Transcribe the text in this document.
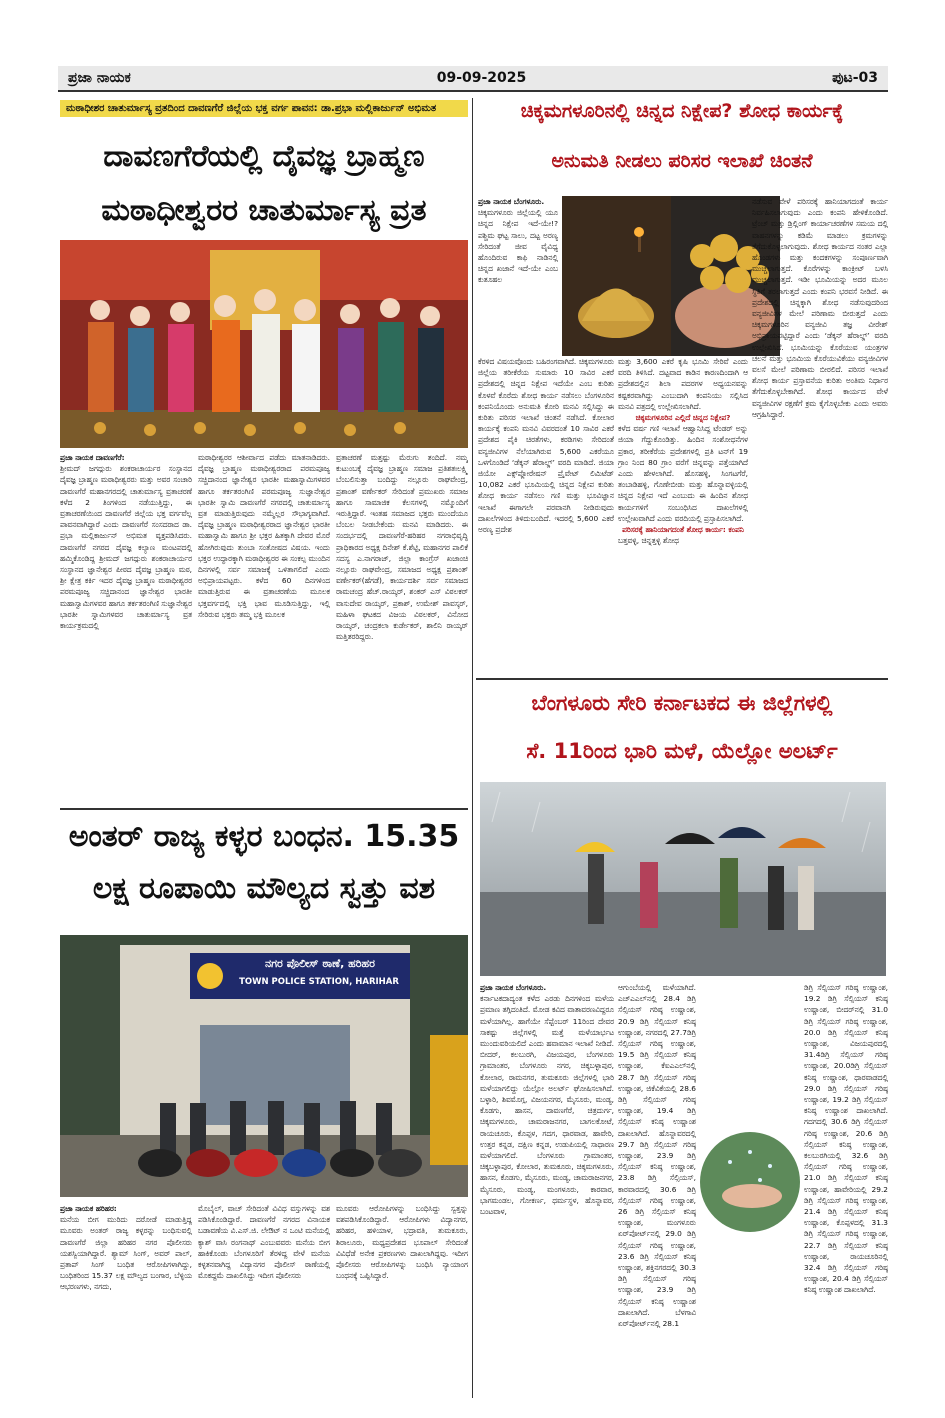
ಪ್ರಜಾ ನಾಯಕ	09-09-2025	ಪುಟ-03
ಮಠಾಧೀಶರ ಚಾತುರ್ಮಾಸ್ಯ ವ್ರತದಿಂದ ದಾವಣಗೆರೆ ಜಿಲ್ಲೆಯ ಭಕ್ತ ವರ್ಗ ಪಾವನ: ಡಾ.ಪ್ರಭಾ ಮಲ್ಲಿಕಾರ್ಜುನ್ ಅಭಿಮತ
ದಾವಣಗೆರೆಯಲ್ಲಿ ದೈವಜ್ಞ ಬ್ರಾಹ್ಮಣ
ಮಠಾಧೀಶ್ವರರ ಚಾತುರ್ಮಾಸ್ಯ ವ್ರತ
ಪ್ರಜಾ ನಾಯಕ ದಾವಣಗೆರೆ:
ಶ್ರೀಮದ್ ಜಗದ್ಗುರು ಶಂಕರಾಚಾರ್ಯರ ಸಂಸ್ಥಾನದ ದೈವಜ್ಞ ಬ್ರಾಹ್ಮಣ ಮಠಾಧೀಶ್ವರರು ಮತ್ತು ಅವರ ಸಂಚಾರಿ ದಾವಣಗೆರೆ ಮಹಾನಗರದಲ್ಲಿ ಚಾತುರ್ಮಾಸ್ಯ ವ್ರತಾಚರಣೆ ಕಳೆದ 2 ತಿಂಗಳಿಂದ ನಡೆಯುತ್ತಿದ್ದು, ಈ ವ್ರತಾಚರಣೆಯಿಂದ ದಾವಣಗೆರೆ ಜಿಲ್ಲೆಯ ಭಕ್ತ ವರ್ಗವೆಲ್ಲ ಪಾವನವಾಗಿದ್ದಾರೆ ಎಂದು ದಾವಣಗೆರೆ ಸಂಸದರಾದ ಡಾ. ಪ್ರಭಾ ಮಲ್ಲಿಕಾರ್ಜುನ್ ಅಭಿಮತ ವ್ಯಕ್ತಪಡಿಸಿದರು. ದಾವಣಗೆರೆ ನಗರದ ದೈವಜ್ಞ ಕಲ್ಯಾಣ ಮಂಟಪದಲ್ಲಿ ಹಮ್ಮಿಕೊಂಡಿದ್ದ ಶ್ರೀಮದ್ ಜಗದ್ಗುರು ಶಂಕರಾಚಾರ್ಯರ ಸಂಸ್ಥಾನದ ಜ್ಞಾನೇಶ್ವರ ಪೀಠದ ದೈವಜ್ಞ ಬ್ರಾಹ್ಮಣ ಮಠ, ಶ್ರೀ ಕ್ಷೇತ್ರ ಕರ್ಕಿ ಇದರ ದೈವಜ್ಞ ಬ್ರಾಹ್ಮಣ ಮಠಾಧೀಶ್ವರರ ಪರಮಪೂಜ್ಯ ಸಚ್ಚಿದಾನಂದ ಜ್ಞಾನೇಶ್ವರ ಭಾರತೀ ಮಹಾಸ್ವಾಮಿಗಳವರ ಹಾಗೂ ತರ್ಕತರಂಗಿಣಿ ಸುಜ್ಞಾನೇಶ್ವರ ಭಾರತೀ ಸ್ವಾಮಿಗಳವರ ಚಾತುರ್ಮಾಸ್ಯ ವ್ರತ ಕಾರ್ಯಕ್ರಮದಲ್ಲಿ
ಮಠಾಧೀಶ್ವರರ ಆಶೀರ್ವಾದ ಪಡೆದು ಮಾತನಾಡಿದರು. ದೈವಜ್ಞ ಬ್ರಾಹ್ಮಣ ಮಠಾಧೀಶ್ವರರಾದ ಪರಮಪೂಜ್ಯ ಸಚ್ಚಿದಾನಂದ ಜ್ಞಾನೇಶ್ವರ ಭಾರತೀ ಮಹಾಸ್ವಾಮಿಗಳವರ ಹಾಗೂ ತರ್ಕತರಂಗಿಣಿ ಪರಮಪೂಜ್ಯ ಸುಜ್ಞಾನೇಶ್ವರ ಭಾರತೀ ಸ್ವಾಮಿ ದಾವಣಗೆರೆ ನಗರದಲ್ಲಿ ಚಾತುರ್ಮಾಸ್ಯ ವ್ರತ ಮಾಡುತ್ತಿರುವುದು ನಮ್ಮೆಲ್ಲರ ಸೌಭಾಗ್ಯವಾಗಿದೆ. ದೈವಜ್ಞ ಬ್ರಾಹ್ಮಣ ಮಠಾಧೀಶ್ವರರಾದ ಜ್ಞಾನೇಶ್ವರ ಭಾರತೀ ಮಹಾಸ್ವಾಮಿ ಹಾಗೂ ಶ್ರೀ ಭಕ್ತರ ಹಿತಕ್ಕಾಗಿ ದೇವರ ಮೊರೆ ಹೋಗಿರುವುದು ತುಂಬಾ ಸಂತೋಷದ ವಿಷಯ. ಇಂದು ಭಕ್ತರ ಉದ್ಧಾರಕ್ಕಾಗಿ ಮಠಾಧೀಶ್ವರರ ಈ ಸಂಕಲ್ಪ ಮುಂದಿನ ದಿನಗಳಲ್ಲಿ ಸರ್ವ ಸಮಾಜಕ್ಕೆ ಒಳಿತಾಗಲಿದೆ ಎಂದು ಅಭಿಪ್ರಾಯಪಟ್ಟರು. ಕಳೆದ 60 ದಿನಗಳಿಂದ ಮಾಡುತ್ತಿರುವ ಈ ವ್ರತಾಚರಣೆಯ ಮೂಲಕ ಭಕ್ತವರ್ಗದಲ್ಲಿ ಭಕ್ತಿ ಭಾವ ಮೂಡಿಸುತ್ತಿದ್ದು, ಇಲ್ಲಿ ಸೇರಿರುವ ಭಕ್ತರು ತಮ್ಮ ಭಕ್ತಿ ಮೂಲಕ
ವ್ರತಾಚರಣೆ ಮತ್ತಷ್ಟು ಮೆರುಗು ತಂದಿದೆ. ನಮ್ಮ ಕುಟುಂಬಕ್ಕೆ ದೈವಜ್ಞ ಬ್ರಾಹ್ಮಣ ಸಮಾಜ ಪ್ರತಿಶತಃಲಕ್ಷ್ಮಿ ಬೆಂಬಲಿಸುತ್ತಾ ಬಂದಿದ್ದು ನಲ್ಲೂರು ರಾಘವೇಂದ್ರ, ಪ್ರಶಾಂತ್ ವರ್ಣೇಕರ್ ಸೇರಿದಂತೆ ಪ್ರಮುಖರು ಸಮಾಜ ಹಾಗೂ ಸಾಮಾಜಿಕ ಕೆಲಸಗಳಲ್ಲಿ ನಮ್ಮೊಂದಿಗೆ ಇರುತ್ತಿದ್ದಾರೆ. ಇಂತಹ ಸಮಾಜದ ಭಕ್ತರು ಮುಂದೆಯೂ ಬೆಂಬಲ ನೀಡಬೇಕೆಂದು ಮನವಿ ಮಾಡಿದರು. ಈ ಸಂದರ್ಭದಲ್ಲಿ ದಾವಣಗೆರೆ-ಹರಿಹರ ನಗರಾಭಿವೃದ್ಧಿ ಪ್ರಾಧಿಕಾರದ ಅಧ್ಯಕ್ಷ ದಿನೇಶ್ ಕೆ.ಶೆಟ್ಟಿ, ಮಹಾನಗರ ಪಾಲಿಕೆ ಸದಸ್ಯ ಎ.ನಾಗರಾಜ್, ಜಿಲ್ಲಾ ಕಾಂಗ್ರೆಸ್ ಖಜಾಂಚಿ ನಲ್ಲೂರು ರಾಘವೇಂದ್ರ, ಸಮಾಜದ ಅಧ್ಯಕ್ಷ ಪ್ರಶಾಂತ್ ವರ್ಣೇಕರ್(ಹೆಗಡೆ), ಕಾರ್ಯದರ್ಶಿ ಸರ್ವ ಸಮಾಜದ ರಾಮಚಂದ್ರ ಹೆಚ್.ರಾಯ್ಕರ್, ಶಂಕರ್ ಎಸ್ ವಿಠಲಕರ್ ವಾಸುದೇವ ರಾಯ್ಕರ್, ಪ್ರಕಾಶ್, ಉಮೇಶ್ ಪಾವಸ್ಕರ್, ಮಹಿಳಾ ಘಟಕದ ವಿಜಯ ವಿಠಲಕರ್, ವಿನೋದ ರಾಯ್ಕರ್, ಚಂದ್ರಕಲಾ ಕುರ್ಡೇಕರ್, ಶಾಲಿನಿ ರಾಯ್ಕರ್ ಮತ್ತಿತರರಿದ್ದರು.
ಅಂತರ್ ರಾಜ್ಯ ಕಳ್ಳರ ಬಂಧನ. 15.35
ಲಕ್ಷ ರೂಪಾಯಿ ಮೌಲ್ಯದ ಸ್ವತ್ತು ವಶ
ನಗರ ಪೊಲೀಸ್ ಠಾಣೆ, ಹರಿಹರ
TOWN POLICE STATION, HARIHAR
ಪ್ರಜಾ ನಾಯಕ ಹರಿಹರ:
ಮನೆಯ ಬೀಗ ಮುರಿದು ದರೋಡೆ ಮಾಡುತ್ತಿದ್ದ ಮೂವರು ಅಂತರ್ ರಾಜ್ಯ ಕಳ್ಳರನ್ನು ಬಂಧಿಸುವಲ್ಲಿ ದಾವಣಗೆರೆ ಜಿಲ್ಲಾ ಹರಿಹರ ನಗರ ಪೊಲೀಸರು ಯಶಸ್ವಿಯಾಗಿದ್ದಾರೆ. ಶ್ಯಾಮ್ ಸಿಂಗ್, ಅವರ್ ಪಾಲ್, ಪ್ರತಾಪ್ ಸಿಂಗ್ ಬಂಧಿತ ಆರೋಪಿಗಳಾಗಿದ್ದು, ಬಂಧಿತರಿಂದ 15.37 ಲಕ್ಷ ಮೌಲ್ಯದ ಬಂಗಾರ, ಬೆಳ್ಳಿಯ ಆಭರಣಗಳು, ನಗದು,
ಮೊಬೈಲ್, ವಾಚ್ ಸೇರಿದಂತೆ ವಿವಿಧ ವಸ್ತುಗಳನ್ನು ವಶ ಪಡಿಸಿಕೊಂಡಿದ್ದಾರೆ. ದಾವಣಗೆರೆ ನಗರದ ವಿನಾಯಕ ಬಡಾವಣೆಯ ವಿ.ಎಸ್.ಜಿ. ಲೇಔಟ್ ನ ಒಂಟಿ ಮನೆಯಲ್ಲಿ ಕ್ಯಾಶ್ ವಾಸಿ ರಂಗನಾಥ್ ಎಂಬುವವರು ಮನೆಯ ಬೀಗ ಹಾಕಿಕೊಂಡು ಬೆಂಗಳೂರಿಗೆ ತೆರಳಿದ್ದ ವೇಳೆ ಮನೆಯ ಕಳ್ಳತನವಾಗಿದ್ದ ವಿದ್ಯಾನಗರ ಪೊಲೀಸ್ ಠಾಣೆಯಲ್ಲಿ ಮೊಕದ್ದಮೆ ದಾಖಲಿಸಿದ್ದು ಇದೀಗ ಪೊಲೀಸರು
ಮೂವರು ಆರೋಪಿಗಳನ್ನು ಬಂಧಿಸಿದ್ದು ಸ್ವತ್ತನ್ನು ವಶಪಡಿಸಿಕೊಂಡಿದ್ದಾರೆ. ಆರೋಪಿಗಳು ವಿದ್ಯಾನಗರ, ಹರಿಹರ, ಹಳಿಯಾಳ, ಭದ್ರಾವತಿ, ತುಮಕೂರು, ಶಿರಾಲೂರು, ಮಧ್ಯಪ್ರದೇಶದ ಭೂಪಾಲ್ ಸೇರಿದಂತೆ ವಿವಿಧೆಡೆ ಅನೇಕ ಪ್ರಕರಣಗಳು ದಾಖಲಾಗಿದ್ದವು. ಇದೀಗ ಪೊಲೀಸರು ಆರೋಪಿಗಳನ್ನು ಬಂಧಿಸಿ ನ್ಯಾಯಾಂಗ ಬಂಧನಕ್ಕೆ ಒಪ್ಪಿಸಿದ್ದಾರೆ.
ಚಿಕ್ಕಮಗಳೂರಿನಲ್ಲಿ ಚಿನ್ನದ ನಿಕ್ಷೇಪ? ಶೋಧ ಕಾರ್ಯಕ್ಕೆ
ಅನುಮತಿ ನೀಡಲು ಪರಿಸರ ಇಲಾಖೆ ಚಿಂತನೆ
ಪ್ರಜಾ ನಾಯಕ ಬೆಂಗಳೂರು.
ಚಿಕ್ಕಮಗಳೂರು ಜಿಲ್ಲೆಯಲ್ಲಿ ಯೂ ಚಿನ್ನದ ನಿಕ್ಷೇಪ ಇದೆ-ಯೇ!? ಪಶ್ಚಿಮ ಘಟ್ಟ ಸಾಲು, ದಟ್ಟ ಅರಣ್ಯ ಸೇರಿದಂತೆ ಜೀವ ವೈವಿಧ್ಯ ಹೊಂದಿರುವ ಕಾಫಿ ನಾಡಿನಲ್ಲಿ ಚಿನ್ನದ ಖಜಾನೆ ಇದೆ-ಯೇ ಎಂಬ ಕುತೂಹಲ
ಕೆರಳಿದ ವಿಷಯವೊಂದು ಬಹಿರಂಗವಾಗಿದೆ. ಚಿಕ್ಕಮಗಳೂರು ಜಿಲ್ಲೆಯ ತರೀಕೆರೆಯ ಸುಮಾರು 10 ಸಾವಿರ ಎಕರೆ ಪ್ರದೇಶದಲ್ಲಿ ಚಿನ್ನದ ನಿಕ್ಷೇಪ ಇದೆಯೇ ಎಂಬ ಕುರಿತು ಕೊಳವೆ ಕೊರೆದು ಶೋಧ ಕಾರ್ಯ ನಡೆಸಲು ಬೆಂಗಳೂರಿನ ಕಂಪನಿಯೊಂದು ಅನುಮತಿ ಕೋರಿ ಮನವಿ ಸಲ್ಲಿಸಿದ್ದು ಈ ಕುರಿತು ಪರಿಸರ ಇಲಾಖೆ ಚಿಂತನೆ ನಡೆಸಿದೆ. ಕೋಲಾರ ಕಾರ್ಯಕ್ಕೆ ಕಂಪನಿ ಮನವಿ ವಿವರದಂತೆ 10 ಸಾವಿರ ಎಕರೆ ಪ್ರದೇಶದ ಪೈಕಿ ಚಿರತೆಗಳು, ಕರಡಿಗಳು ಸೇರಿದಂತೆ ವನ್ಯಜೀವಿಗಳ ನೆಲೆಯಾಗಿರುವ 5,600 ಎಕರೆಯೂ ಒಳಗೊಂಡಿದೆ ‘ಡೆಕ್ಕನ್ ಹೆರಾಲ್ಡ್’ ವರದಿ ಮಾಡಿದೆ. ಜಿಯಾ ಜಿಯೋ ಎಕ್ಸ್‌ಪ್ಲೋರೇಷನ್ ಪ್ರೈವೇಟ್ ಲಿಮಿಟೆಡ್ 10,082 ಎಕರೆ ಭೂಮಿಯಲ್ಲಿ ಚಿನ್ನದ ನಿಕ್ಷೇಪ ಕುರಿತು ಶೋಧ ಕಾರ್ಯ ನಡೆಸಲು ಗಣಿ ಮತ್ತು ಭೂವಿಜ್ಞಾನ ಇಲಾಖೆ ಈಗಾಗಲೇ ಪರವಾನಗಿ ನೀಡಿರುವುದು ದಾಖಲೆಗಳಿಂದ ತಿಳಿದುಬಂದಿದೆ. ಇದರಲ್ಲಿ 5,600 ಎಕರೆ ಅರಣ್ಯ ಪ್ರದೇಶ
ಮತ್ತು 3,600 ಎಕರೆ ಕೃಷಿ ಭೂಮಿ ಸೇರಿವೆ ಎಂದು ವರದಿ ತಿಳಿಸಿದೆ. ದಟ್ಟವಾದ ಕಾಡಿನ ಕಾರಣದಿಂದಾಗಿ ಆ ಪ್ರದೇಶದಲ್ಲಿನ ಶಿಲಾ ಪದರಗಳ ಅಧ್ಯಯನವನ್ನು ಕಷ್ಟಕರವಾಗಿದ್ದು ಎಂಬುದಾಗಿ ಕಂಪನಿಯು ಸಲ್ಲಿಸಿದ ಮನವಿ ಪತ್ರದಲ್ಲಿ ಉಲ್ಲೇಖಿಸಲಾಗಿದೆ.
ಚಿಕ್ಕಮಗಳೂರಿನ ಎಲ್ಲಿದೆ ಚಿನ್ನದ ನಿಕ್ಷೇಪ?
ಕಳೆದ ವರ್ಷ ಗಣಿ ಇಲಾಖೆ ಆಹ್ವಾನಿಸಿದ್ದ ಟೆಂಡರ್ ಅನ್ನು ಜಿಯಾ ಗೆದ್ದುಕೊಂಡಿತ್ತು. ಹಿಂದಿನ ಸಂಶೋಧನೆಗಳ ಪ್ರಕಾರ, ತರೀಕೆರೆಯ ಪ್ರದೇಶಗಳಲ್ಲಿ ಪ್ರತಿ ಟನ್‌ಗೆ 19 ಗ್ರಾಂ ನಿಂದ 80 ಗ್ರಾಂ ವರೆಗೆ ಚಿನ್ನವನ್ನು ಪತ್ತೆಯಾಗಿದೆ ಎಂದು ಹೇಳಲಾಗಿದೆ. ಹೊಸಹಳ್ಳಿ, ಸಿಂಗಟಗೆರೆ, ತಂಬಾಡಿಹಳ್ಳಿ, ಗೊಣೇಬೀಡು ಮತ್ತು ಹೊನ್ನಾವಳ್ಳಿಯಲ್ಲಿ ಚಿನ್ನದ ನಿಕ್ಷೇಪ ಇದೆ ಎಂಬುದು ಈ ಹಿಂದಿನ ಶೋಧ ಕಾರ್ಯಗಳಿಗೆ ಸಂಬಂಧಿಸಿದ ದಾಖಲೆಗಳಲ್ಲಿ ಉಲ್ಲೇಖವಾಗಿದೆ ಎಂದು ವರದಿಯಲ್ಲಿ ಪ್ರಸ್ತಾಪಿಸಲಾಗಿದೆ.
ಪರಿಸರಕ್ಕೆ ಹಾನಿಯಾಗದಂತೆ ಶೋಧ ಕಾರ್ಯ: ಕಂಪನಿ
ಬತ್ತವಳ್ಳಿ, ಚಿನ್ನತ್ತಳ್ಳಿ ಶೋಧ
ನಡೆಸುವ ವೇಳೆ ಪರಿಸರಕ್ಕೆ ಹಾನಿಯಾಗದಂತೆ ಕಾರ್ಯ ನಿರ್ವಹಿಸಲಾಗುವುದು ಎಂದು ಕಂಪನಿ ಹೇಳಿಕೊಂಡಿದೆ. ಟ್ರೆಂಚ್ ಮತ್ತು ಡ್ರಿಲ್ಲಿಂಗ್ ಕಾರ್ಯಾಚರಣೆಗಳ ಸಮಯ ದಲ್ಲಿ ವಾಹನಗಳನ್ನು ಕಡಿಮೆ ಮಾಡಲು ಕ್ರಮಗಳನ್ನು ತೆಗೆದುಕೊಳ್ಳಲಾಗುವುದು. ಶೋಧ ಕಾರ್ಯದ ನಂತರ ಎಲ್ಲಾ ಹೊಂಡಗಳು ಮತ್ತು ಕಂದಕಗಳನ್ನು ಸಂಪೂರ್ಣವಾಗಿ ಮುಚ್ಚಲಾಗುತ್ತದೆ. ಕೊರೆಗಳನ್ನು ಕಾಂಕ್ರೀಟ್ ಬಳಸಿ ಮುಚ್ಚಲಾಗುತ್ತದೆ. ಇಡೀ ಭೂಮಿಯನ್ನು ಅದರ ಮೂಲ ಸ್ಥಿತಿಗೆ ತರಲಾಗುತ್ತದೆ ಎಂದು ಕಂಪನಿ ಭರವಸೆ ನೀಡಿದೆ. ಈ ಪ್ರದೇಶದಲ್ಲಿ ಚಿನ್ನಕ್ಕಾಗಿ ಶೋಧ ನಡೆಸುವುದರಿಂದ ವನ್ಯಜೀವಿಗಳ ಮೇಲೆ ಪರಿಣಾಮ ಬೀರುತ್ತದೆ ಎಂದು ಚಿಕ್ಕಮಗಳೂರಿನ ವನ್ಯಜೀವಿ ತಜ್ಞ ವೀರೇಶ್ ಅಭಿಪ್ರಾಯಪಟ್ಟಿದ್ದಾರೆ ಎಂದು ‘ಡೆಕ್ಕನ್ ಹೆರಾಲ್ಡ್’ ವರದಿ ಉಲ್ಲೇಖಿಸಿದೆ. ಭೂಮಿಯನ್ನು ಕೊರೆಯುವ ಯಂತ್ರಗಳ ಚಲನೆ ಮತ್ತು ಭೂಮಿಯ ಕೊರೆಯುವಿಕೆಯು ವನ್ಯಜೀವಿಗಳ ವಲಸೆ ಮೇಲೆ ಪರಿಣಾಮ ಬೀರಲಿದೆ. ಪರಿಸರ ಇಲಾಖೆ ಶೋಧ ಕಾರ್ಯ ಪ್ರಸ್ತಾವನೆಯ ಕುರಿತು ಅಂತಿಮ ನಿರ್ಧಾರ ತೆಗೆದುಕೊಳ್ಳಬೇಕಾಗಿದೆ. ಶೋಧ ಕಾರ್ಯದ ವೇಳೆ ವನ್ಯಜೀವಿಗಳ ರಕ್ಷಣೆಗೆ ಕ್ರಮ ಕೈಗೊಳ್ಳಬೇಕು ಎಂದು ಅವರು ಆಗ್ರಹಿಸಿದ್ದಾರೆ.
ಬೆಂಗಳೂರು ಸೇರಿ ಕರ್ನಾಟಕದ ಈ ಜಿಲ್ಲೆಗಳಲ್ಲಿ
ಸೆ. 11ರಿಂದ ಭಾರಿ ಮಳೆ, ಯೆಲ್ಲೋ ಅಲರ್ಟ್
ಪ್ರಜಾ ನಾಯಕ ಬೆಂಗಳೂರು.
ಕರ್ನಾಟಕದಾದ್ಯಂತ ಕಳೆದ ಎರಡು ದಿನಗಳಿಂದ ಮಳೆಯ ಪ್ರಮಾಣ ತಗ್ಗಿದಂತಿದೆ. ಮೋಡ ಕವಿದ ವಾತಾವರಣವಿದ್ದರೂ ಮಳೆಯಾಗಿಲ್ಲ. ಹಾಗೆಯೇ ಸೆಪ್ಟೆಂಬರ್ 11ರಿಂದ ದೇವರ ಸಾಕಷ್ಟು ಜಿಲ್ಲೆಗಳಲ್ಲಿ ಮತ್ತೆ ಮಳೆಯಾರ್ಭಟ ಮುಂದುವರಿಯಲಿದೆ ಎಂದು ಹವಾಮಾನ ಇಲಾಖೆ ನೀಡಿದೆ. ಬೀದರ್, ಕಲಬುರಗಿ, ವಿಜಯಪುರ, ಬೆಂಗಳೂರು ಗ್ರಾಮಾಂತರ, ಬೆಂಗಳೂರು ನಗರ, ಚಿಕ್ಕಬಳ್ಳಾಪುರ, ಕೋಲಾರ, ರಾಮನಗರ, ತುಮಕೂರು ಜಿಲ್ಲೆಗಳಲ್ಲಿ ಭಾರಿ ಮಳೆಯಾಗಲಿದ್ದು ಯೆಲ್ಲೋ ಅಲರ್ಟ್ ಘೋಷಿಸಲಾಗಿದೆ. ಬಳ್ಳಾರಿ, ಶಿವಮೊಗ್ಗ, ವಿಜಯನಗರ, ಮೈಸೂರು, ಮಂಡ್ಯ, ಕೊಡಗು, ಹಾಸನ, ದಾವಣಗೆರೆ, ಚಿತ್ರದುರ್ಗ, ಚಿಕ್ಕಮಗಳೂರು, ಚಾಮರಾಜನಗರ, ಬಾಗಲಕೋಟೆ, ರಾಯಚೂರು, ಕೊಪ್ಪಳ, ಗದಗ, ಧಾರವಾಡ, ಹಾವೇರಿ, ಉತ್ತರ ಕನ್ನಡ, ದಕ್ಷಿಣ ಕನ್ನಡ, ಉಡುಪಿಯಲ್ಲಿ ಸಾಧಾರಣ ಮಳೆಯಾಗಲಿದೆ. ಬೆಂಗಳೂರು ಗ್ರಾಮಾಂತರ, ಚಿಕ್ಕಬಳ್ಳಾಪುರ, ಕೋಲಾರ, ತುಮಕೂರು, ಚಿಕ್ಕಮಗಳೂರು, ಹಾಸನ, ಕೊಡಗು, ಮೈಸೂರು, ಮಂಡ್ಯ, ಚಾಮರಾಜನಗರ, ಮೈಸೂರು, ಮಂಡ್ಯ, ಮಂಗಳೂರು, ಕಾರವಾರ, ಭಾಗಮಂಡಲ, ಗೋಕರ್ಣ, ಧರ್ಮಸ್ಥಳ, ಹೊನ್ನಾವರ, ಬಂಟವಾಳ,
ಆಗುಂಬೆಯಲ್ಲಿ ಮಳೆಯಾಗಿದೆ. ಎಚ್‌ಎಎಲ್‌ನಲ್ಲಿ 28.4 ಡಿಗ್ರಿ ಸೆಲ್ಸಿಯಸ್ ಗರಿಷ್ಠ ಉಷ್ಣಾಂಶ, 20.9 ಡಿಗ್ರಿ ಸೆಲ್ಸಿಯಸ್ ಕನಿಷ್ಠ ಉಷ್ಣಾಂಶ, ನಗರದಲ್ಲಿ 27.7ಡಿಗ್ರಿ ಸೆಲ್ಸಿಯಸ್ ಗರಿಷ್ಠ ಉಷ್ಣಾಂಶ, 19.5 ಡಿಗ್ರಿ ಸೆಲ್ಸಿಯಸ್ ಕನಿಷ್ಠ ಉಷ್ಣಾಂಶ, ಕೆಐಎಎಲ್‌ನಲ್ಲಿ 28.7 ಡಿಗ್ರಿ ಸೆಲ್ಸಿಯಸ್ ಗರಿಷ್ಠ ಉಷ್ಣಾಂಶ, ಜಿಕೆವಿಕೆಯಲ್ಲಿ 28.6 ಡಿಗ್ರಿ ಸೆಲ್ಸಿಯಸ್ ಗರಿಷ್ಠ ಉಷ್ಣಾಂಶ, 19.4 ಡಿಗ್ರಿ ಸೆಲ್ಸಿಯಸ್ ಕನಿಷ್ಠ ಉಷ್ಣಾಂಶ ದಾಖಲಾಗಿದೆ. ಹೊನ್ನಾವರದಲ್ಲಿ 29.7 ಡಿಗ್ರಿ ಸೆಲ್ಸಿಯಸ್ ಗರಿಷ್ಠ ಉಷ್ಣಾಂಶ, 23.9 ಡಿಗ್ರಿ ಸೆಲ್ಸಿಯಸ್ ಕನಿಷ್ಠ ಉಷ್ಣಾಂಶ, 23.8 ಡಿಗ್ರಿ ಸೆಲ್ಸಿಯಸ್, ಕಾರವಾರದಲ್ಲಿ 30.6 ಡಿಗ್ರಿ ಸೆಲ್ಸಿಯಸ್ ಗರಿಷ್ಠ ಉಷ್ಣಾಂಶ, 26 ಡಿಗ್ರಿ ಸೆಲ್ಸಿಯಸ್ ಕನಿಷ್ಠ ಉಷ್ಣಾಂಶ, ಮಂಗಳೂರು ಏರ್‌ಪೋರ್ಟ್‌ನಲ್ಲಿ 29.0 ಡಿಗ್ರಿ ಸೆಲ್ಸಿಯಸ್ ಗರಿಷ್ಠ ಉಷ್ಣಾಂಶ, 23.6 ಡಿಗ್ರಿ ಸೆಲ್ಸಿಯಸ್ ಕನಿಷ್ಠ ಉಷ್ಣಾಂಶ, ಶಕ್ತಿನಗರದಲ್ಲಿ 30.3 ಡಿಗ್ರಿ ಸೆಲ್ಸಿಯಸ್ ಗರಿಷ್ಠ ಉಷ್ಣಾಂಶ, 23.9 ಡಿಗ್ರಿ ಸೆಲ್ಸಿಯಸ್ ಕನಿಷ್ಠ ಉಷ್ಣಾಂಶ ದಾಖಲಾಗಿದೆ. ಬೆಳಗಾವಿ ಏರ್‌ಪೋರ್ಟ್‌ನಲ್ಲಿ 28.1
ಡಿಗ್ರಿ ಸೆಲ್ಸಿಯಸ್ ಗರಿಷ್ಠ ಉಷ್ಣಾಂಶ, 19.2 ಡಿಗ್ರಿ ಸೆಲ್ಸಿಯಸ್ ಕನಿಷ್ಠ ಉಷ್ಣಾಂಶ, ಬೀದರ್‌ನಲ್ಲಿ 31.0 ಡಿಗ್ರಿ ಸೆಲ್ಸಿಯಸ್ ಗರಿಷ್ಠ ಉಷ್ಣಾಂಶ, 20.0 ಡಿಗ್ರಿ ಸೆಲ್ಸಿಯಸ್ ಕನಿಷ್ಠ ಉಷ್ಣಾಂಶ, ವಿಜಯಪುರದಲ್ಲಿ 31.4ಡಿಗ್ರಿ ಸೆಲ್ಸಿಯಸ್ ಗರಿಷ್ಠ ಉಷ್ಣಾಂಶ, 20.0ಡಿಗ್ರಿ ಸೆಲ್ಸಿಯಸ್ ಕನಿಷ್ಠ ಉಷ್ಣಾಂಶ, ಧಾರವಾಡದಲ್ಲಿ 29.0 ಡಿಗ್ರಿ ಸೆಲ್ಸಿಯಸ್ ಗರಿಷ್ಠ ಉಷ್ಣಾಂಶ, 19.2 ಡಿಗ್ರಿ ಸೆಲ್ಸಿಯಸ್ ಕನಿಷ್ಠ ಉಷ್ಣಾಂಶ ದಾಖಲಾಗಿದೆ. ಗದಗದಲ್ಲಿ 30.6 ಡಿಗ್ರಿ ಸೆಲ್ಸಿಯಸ್ ಗರಿಷ್ಠ ಉಷ್ಣಾಂಶ, 20.6 ಡಿಗ್ರಿ ಸೆಲ್ಸಿಯಸ್ ಕನಿಷ್ಠ ಉಷ್ಣಾಂಶ, ಕಲಬುರಗಿಯಲ್ಲಿ 32.6 ಡಿಗ್ರಿ ಸೆಲ್ಸಿಯಸ್ ಗರಿಷ್ಠ ಉಷ್ಣಾಂಶ, 21.0 ಡಿಗ್ರಿ ಸೆಲ್ಸಿಯಸ್ ಕನಿಷ್ಠ ಉಷ್ಣಾಂಶ, ಹಾವೇರಿಯಲ್ಲಿ 29.2 ಡಿಗ್ರಿ ಸೆಲ್ಸಿಯಸ್ ಗರಿಷ್ಠ ಉಷ್ಣಾಂಶ, 21.4 ಡಿಗ್ರಿ ಸೆಲ್ಸಿಯಸ್ ಕನಿಷ್ಠ ಉಷ್ಣಾಂಶ, ಕೊಪ್ಪಳದಲ್ಲಿ 31.3 ಡಿಗ್ರಿ ಸೆಲ್ಸಿಯಸ್ ಗರಿಷ್ಠ ಉಷ್ಣಾಂಶ, 22.7 ಡಿಗ್ರಿ ಸೆಲ್ಸಿಯಸ್ ಕನಿಷ್ಠ ಉಷ್ಣಾಂಶ, ರಾಯಚೂರಿನಲ್ಲಿ 32.4 ಡಿಗ್ರಿ ಸೆಲ್ಸಿಯಸ್ ಗರಿಷ್ಠ ಉಷ್ಣಾಂಶ, 20.4 ಡಿಗ್ರಿ ಸೆಲ್ಸಿಯಸ್ ಕನಿಷ್ಠ ಉಷ್ಣಾಂಶ ದಾಖಲಾಗಿದೆ.
